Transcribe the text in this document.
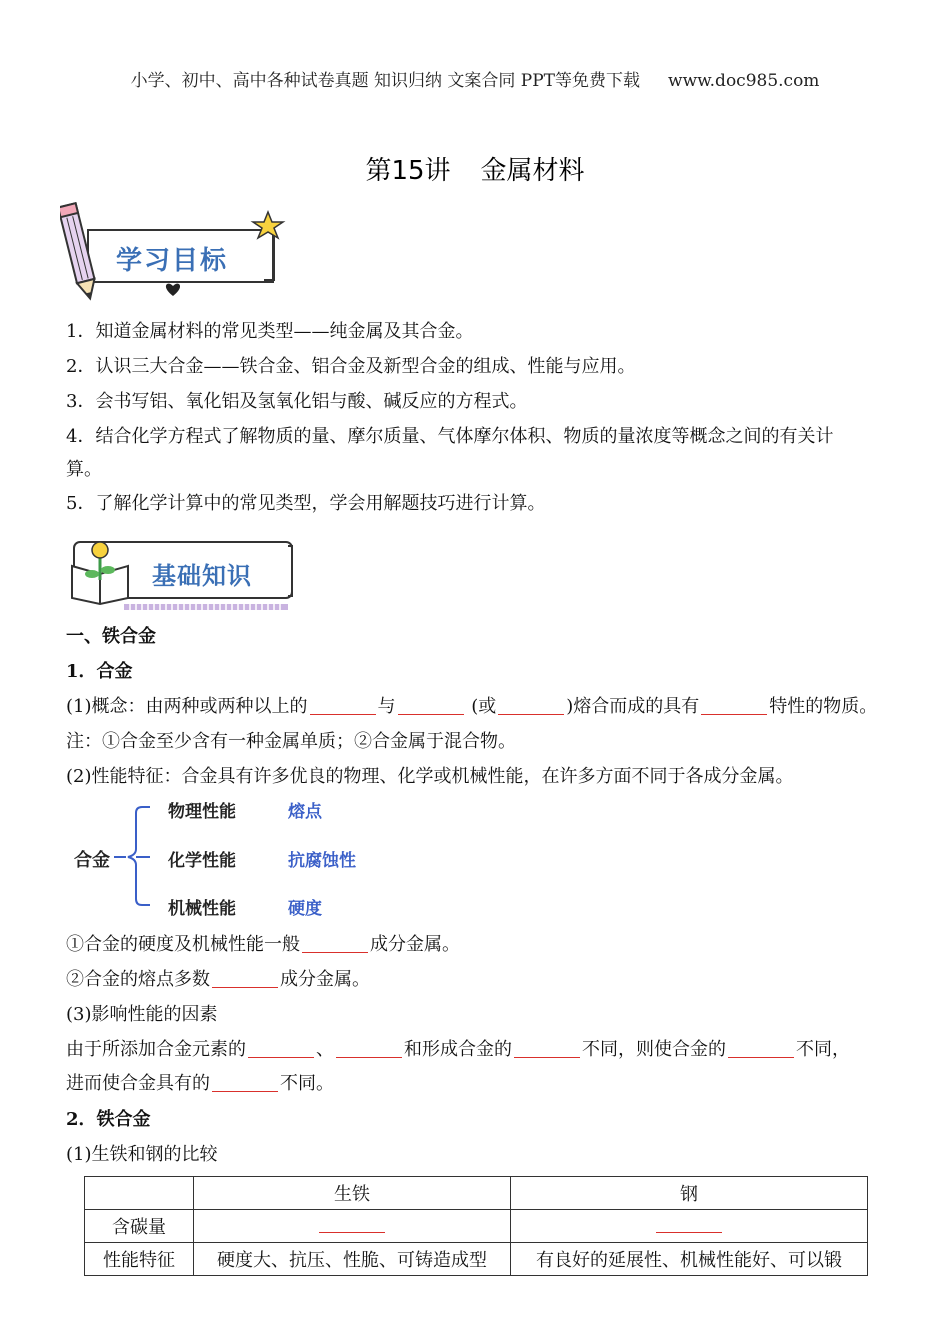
小学、初中、高中各种试卷真题 知识归纳 文案合同 PPT等免费下载 www.doc985.com
第15讲 金属材料
学习目标
1．知道金属材料的常见类型——纯金属及其合金。
2．认识三大合金——铁合金、铝合金及新型合金的组成、性能与应用。
3．会书写铝、氧化铝及氢氧化铝与酸、碱反应的方程式。
4．结合化学方程式了解物质的量、摩尔质量、气体摩尔体积、物质的量浓度等概念之间的有关计
算。
5．了解化学计算中的常见类型，学会用解题技巧进行计算。
基础知识
一、铁合金
1．合金
(1)概念：由两种或两种以上的	与	(或	)熔合而成的具有	特性的物质。
注：①合金至少含有一种金属单质；②合金属于混合物。
(2)性能特征：合金具有许多优良的物理、化学或机械性能，在许多方面不同于各成分金属。
合金
物理性能	熔点
化学性能	抗腐蚀性
机械性能	硬度
①合金的硬度及机械性能一般	成分金属。
②合金的熔点多数	成分金属。
(3)影响性能的因素
由于所添加合金元素的	、	和形成合金的	不同，则使合金的	不同，
进而使合金具有的	不同。
2．铁合金
(1)生铁和钢的比较
	生铁	钢
含碳量		
性能特征	硬度大、抗压、性脆、可铸造成型	有良好的延展性、机械性能好、可以锻
